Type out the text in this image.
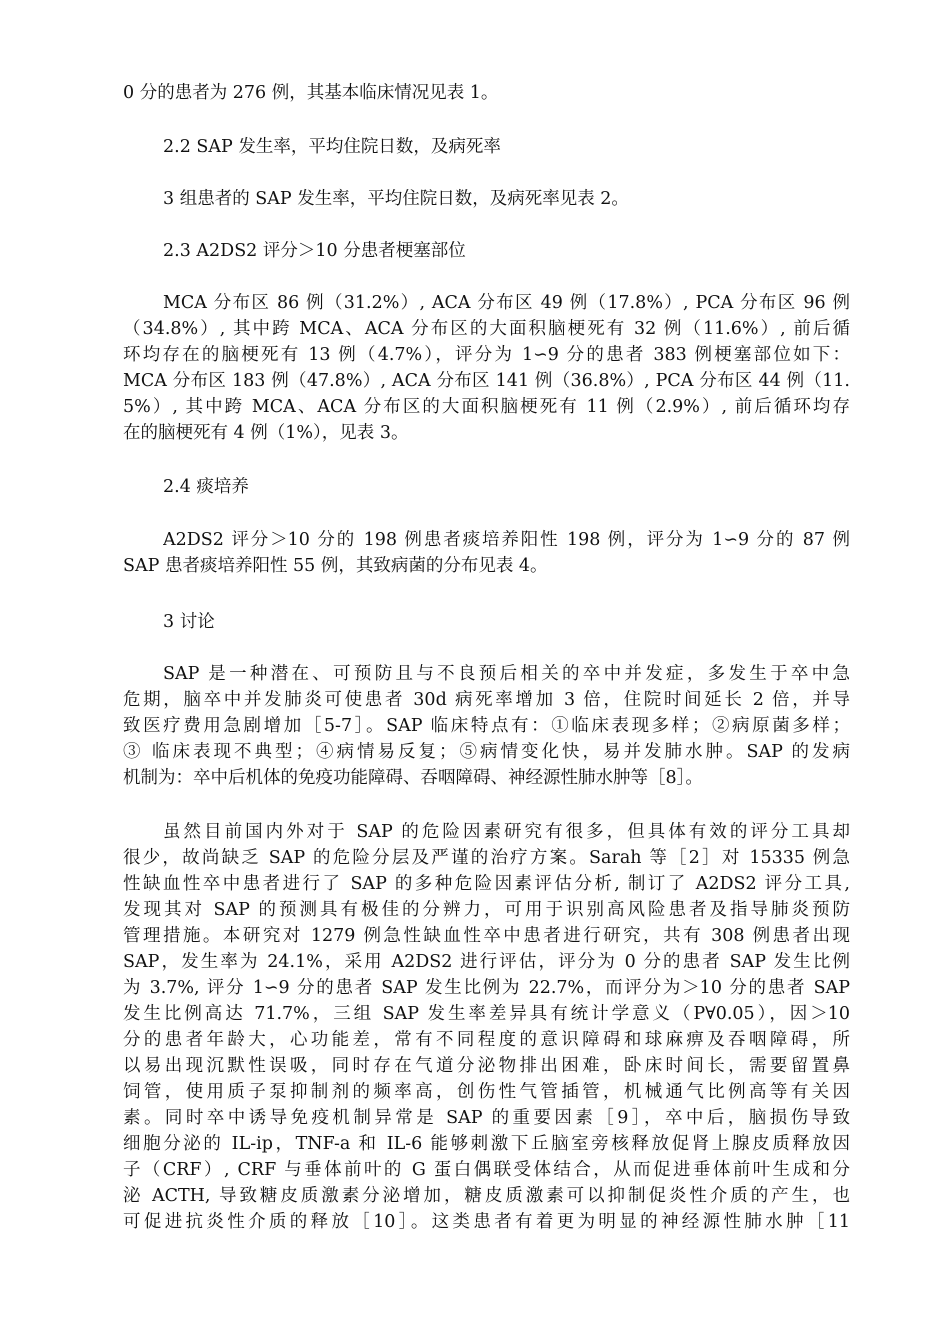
0 分的患者为 276 例，其基本临床情况见表 1。
2.2 SAP 发生率，平均住院日数，及病死率
3 组患者的 SAP 发生率，平均住院日数，及病死率见表 2。
2.3 A2DS2 评分＞10 分患者梗塞部位
MCA 分布区 86 例（31.2%）, ACA 分布区 49 例（17.8%）, PCA 分布区 96 例
（34.8%）, 其中跨 MCA、ACA 分布区的大面积脑梗死有 32 例（11.6%）, 前后循
环均存在的脑梗死有 13 例（4.7%），评分为 1∽9 分的患者 383 例梗塞部位如下：
MCA 分布区 183 例（47.8%）, ACA 分布区 141 例（36.8%）, PCA 分布区 44 例（11.
5%）, 其中跨 MCA、ACA 分布区的大面积脑梗死有 11 例（2.9%）, 前后循环均存
在的脑梗死有 4 例（1%），见表 3。
2.4 痰培养
A2DS2 评分＞10 分的 198 例患者痰培养阳性 198 例，评分为 1∽9 分的 87 例
SAP 患者痰培养阳性 55 例，其致病菌的分布见表 4。
3 讨论
SAP 是一种潜在、可预防且与不良预后相关的卒中并发症，多发生于卒中急
危期，脑卒中并发肺炎可使患者 30d 病死率增加 3 倍，住院时间延长 2 倍，并导
致医疗费用急剧增加［5-7］。SAP 临床特点有：①临床表现多样；②病原菌多样；
③ 临床表现不典型；④病情易反复；⑤病情变化快，易并发肺水肿。SAP 的发病
机制为：卒中后机体的免疫功能障碍、吞咽障碍、神经源性肺水肿等［8］。
虽然目前国内外对于 SAP 的危险因素研究有很多，但具体有效的评分工具却
很少，故尚缺乏 SAP 的危险分层及严谨的治疗方案。Sarah 等［2］对 15335 例急
性缺血性卒中患者进行了 SAP 的多种危险因素评估分析, 制订了 A2DS2 评分工具,
发现其对 SAP 的预测具有极佳的分辨力，可用于识别高风险患者及指导肺炎预防
管理措施。本研究对 1279 例急性缺血性卒中患者进行研究，共有 308 例患者出现
SAP，发生率为 24.1%，采用 A2DS2 进行评估，评分为 0 分的患者 SAP 发生比例
为 3.7%, 评分 1∽9 分的患者 SAP 发生比例为 22.7%，而评分为＞10 分的患者 SAP
发生比例高达 71.7%，三组 SAP 发生率差异具有统计学意义（P∀0.05），因＞10
分的患者年龄大，心功能差，常有不同程度的意识障碍和球麻痹及吞咽障碍，所
以易出现沉默性误吸，同时存在气道分泌物排出困难，卧床时间长，需要留置鼻
饲管，使用质子泵抑制剂的频率高，创伤性气管插管，机械通气比例高等有关因
素。同时卒中诱导免疫机制异常是 SAP 的重要因素［9］，卒中后，脑损伤导致
细胞分泌的 IL-ip，TNF-a 和 IL-6 能够刺激下丘脑室旁核释放促肾上腺皮质释放因
子（CRF）, CRF 与垂体前叶的 G 蛋白偶联受体结合，从而促进垂体前叶生成和分
泌 ACTH, 导致糖皮质激素分泌增加，糖皮质激素可以抑制促炎性介质的产生，也
可促进抗炎性介质的释放［10］。这类患者有着更为明显的神经源性肺水肿［11
